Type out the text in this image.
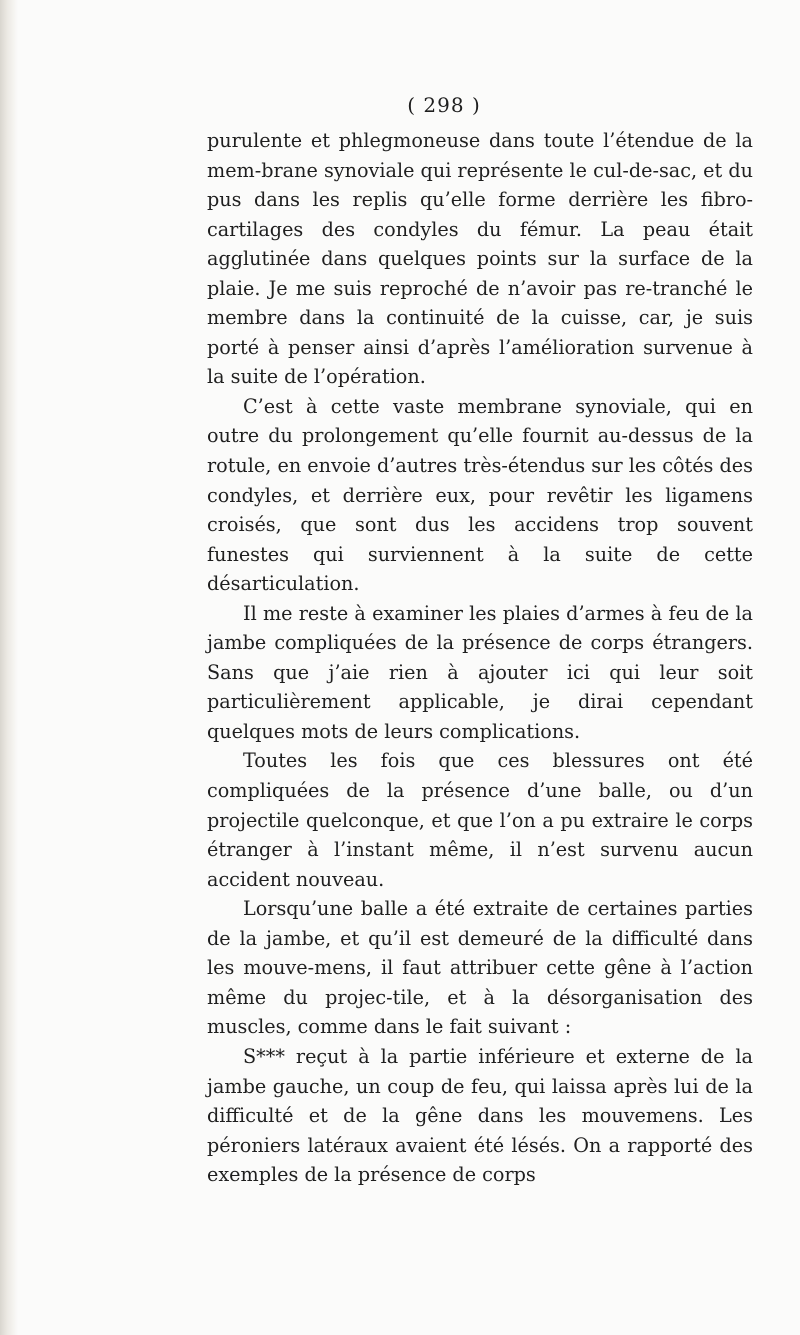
( 298 )

purulente et phlegmoneuse dans toute l’étendue de la mem-brane synoviale qui représente le cul-de-sac, et du pus dans les replis qu’elle forme derrière les fibro-cartilages des condyles du fémur. La peau était agglutinée dans quelques points sur la surface de la plaie. Je me suis reproché de n’avoir pas re-tranché le membre dans la continuité de la cuisse, car, je suis porté à penser ainsi d’après l’amélioration survenue à la suite de l’opération.

C’est à cette vaste membrane synoviale, qui en outre du prolongement qu’elle fournit au-dessus de la rotule, en envoie d’autres très-étendus sur les côtés des condyles, et derrière eux, pour revêtir les ligamens croisés, que sont dus les accidens trop souvent funestes qui surviennent à la suite de cette désarticulation.

Il me reste à examiner les plaies d’armes à feu de la jambe compliquées de la présence de corps étrangers. Sans que j’aie rien à ajouter ici qui leur soit particulièrement applicable, je dirai cependant quelques mots de leurs complications.

Toutes les fois que ces blessures ont été compliquées de la présence d’une balle, ou d’un projectile quelconque, et que l’on a pu extraire le corps étranger à l’instant même, il n’est survenu aucun accident nouveau.

Lorsqu’une balle a été extraite de certaines parties de la jambe, et qu’il est demeuré de la difficulté dans les mouve-mens, il faut attribuer cette gêne à l’action même du projec-tile, et à la désorganisation des muscles, comme dans le fait suivant :

S*** reçut à la partie inférieure et externe de la jambe gauche, un coup de feu, qui laissa après lui de la difficulté et de la gêne dans les mouvemens. Les péroniers latéraux avaient été lésés. On a rapporté des exemples de la présence de corps
